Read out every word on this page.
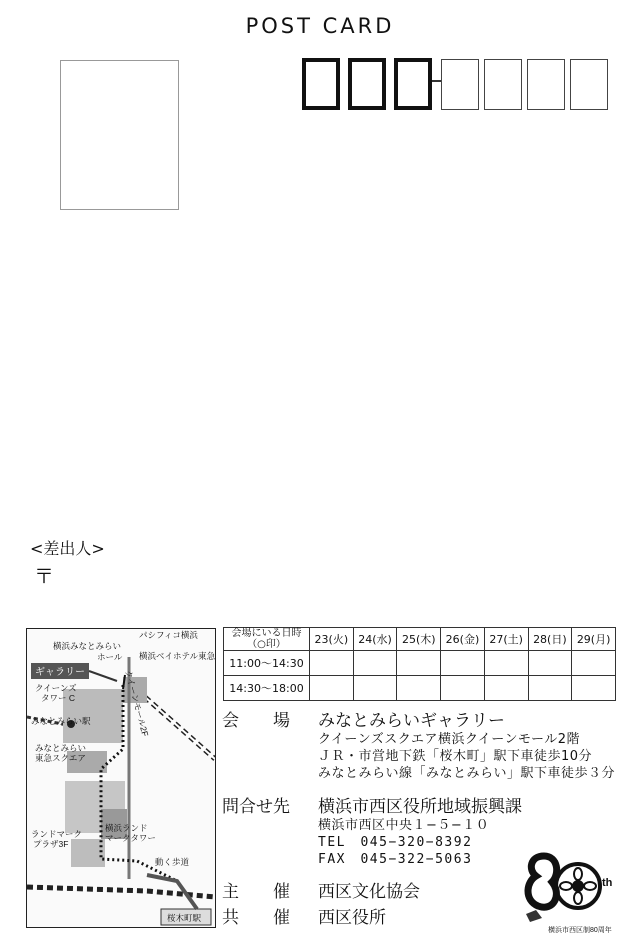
POST CARD
<差出人>
〒
パシフィコ横浜
横浜みなとみらい
ホール 横浜ベイホテル東急
ギャラリー
クイーンズ
タワー C	クイーンモール2F
みなとみらい駅
みなとみらい
東急スクエア
横浜ランド
マークタワー
ランドマーク
プラザ3F
動く歩道
桜木町駅
会場にいる日時
（○印）	23(火)	24(水)	25(木)	26(金)	27(土)	28(日)	29(月)
11:00〜14:30							
14:30〜18:00							
会　　場 みなとみらいギャラリー
クイーンズスクエア横浜クイーンモール2階
ＪＲ・市営地下鉄「桜木町」駅下車徒歩10分
みなとみらい線「みなとみらい」駅下車徒歩３分
問合せ先 横浜市西区役所地域振興課
横浜市西区中央１−５−１０
TEL　045−320−8392
FAX　045−322−5063
主　　催 西区文化協会
共　　催 西区役所
th
横浜市西区制80周年
